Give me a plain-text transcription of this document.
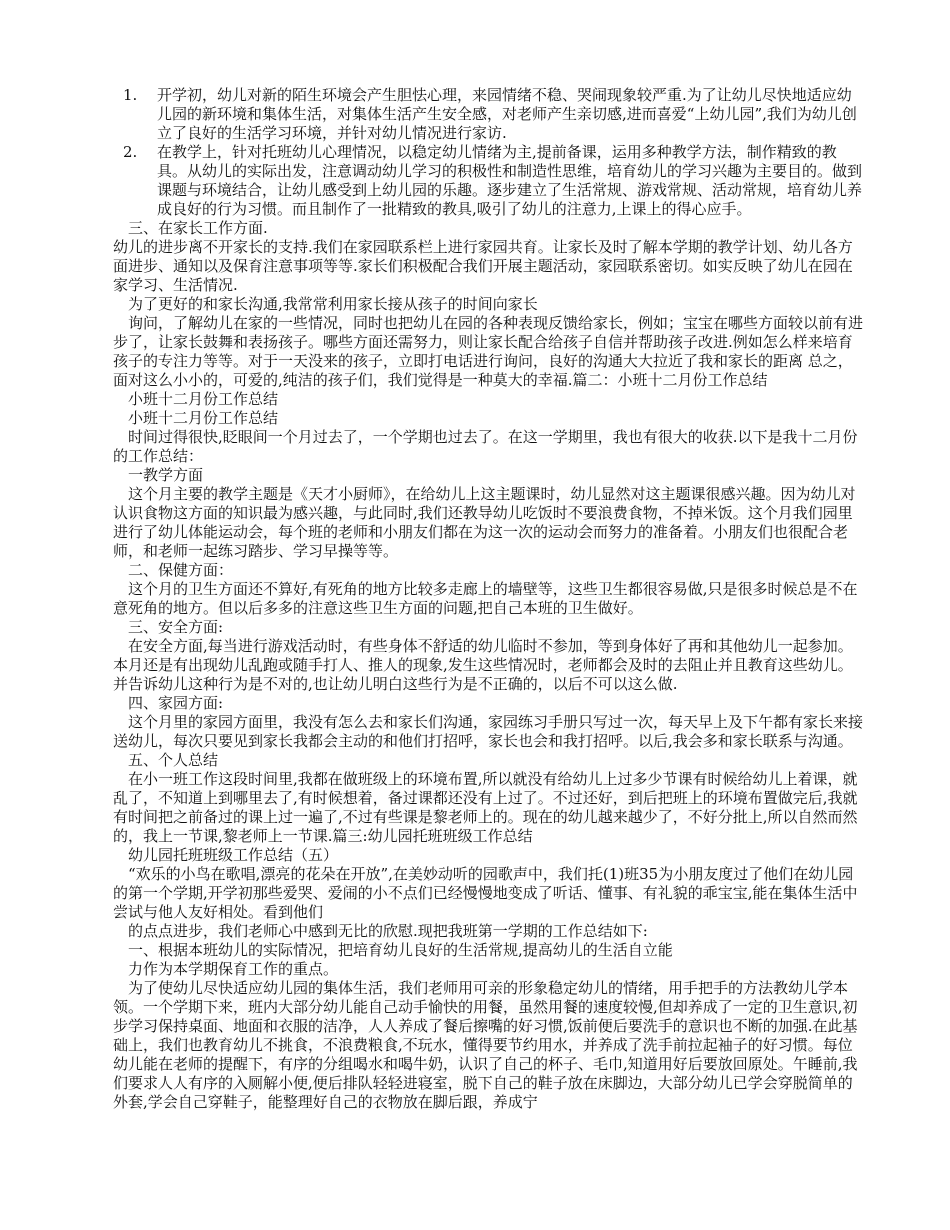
1.	开学初，幼儿对新的陌生环境会产生胆怯心理，来园情绪不稳、哭闹现象较严重.为了让幼儿尽快地适应幼儿园的新环境和集体生活，对集体生活产生安全感，对老师产生亲切感,进而喜爱“上幼儿园”,我们为幼儿创立了良好的生活学习环境，并针对幼儿情况进行家访.
2.	在教学上，针对托班幼儿心理情况，以稳定幼儿情绪为主,提前备课，运用多种教学方法，制作精致的教具。从幼儿的实际出发，注意调动幼儿学习的积极性和制造性思维，培育幼儿的学习兴趣为主要目的。做到课题与环境结合，让幼儿感受到上幼儿园的乐趣。逐步建立了生活常规、游戏常规、活动常规，培育幼儿养成良好的行为习惯。而且制作了一批精致的教具,吸引了幼儿的注意力,上课上的得心应手。

三、在家长工作方面.

幼儿的进步离不开家长的支持.我们在家园联系栏上进行家园共育。让家长及时了解本学期的教学计划、幼儿各方面进步、通知以及保育注意事项等等.家长们积极配合我们开展主题活动，家园联系密切。如实反映了幼儿在园在家学习、生活情况.

为了更好的和家长沟通,我常常利用家长接从孩子的时间向家长

询问，了解幼儿在家的一些情况，同时也把幼儿在园的各种表现反馈给家长，例如；宝宝在哪些方面较以前有进步了，让家长鼓舞和表扬孩子。哪些方面还需努力，则让家长配合给孩子自信并帮助孩子改进.例如怎么样来培育孩子的专注力等等。对于一天没来的孩子，立即打电话进行询问，良好的沟通大大拉近了我和家长的距离 总之，面对这么小小的，可爱的,纯洁的孩子们，我们觉得是一种莫大的幸福.篇二：小班十二月份工作总结

小班十二月份工作总结

小班十二月份工作总结

时间过得很快,眨眼间一个月过去了，一个学期也过去了。在这一学期里，我也有很大的收获.以下是我十二月份的工作总结：

一教学方面

这个月主要的教学主题是《天才小厨师》，在给幼儿上这主题课时，幼儿显然对这主题课很感兴趣。因为幼儿对认识食物这方面的知识最为感兴趣，与此同时,我们还教导幼儿吃饭时不要浪费食物，不掉米饭。这个月我们园里进行了幼儿体能运动会，每个班的老师和小朋友们都在为这一次的运动会而努力的准备着。小朋友们也很配合老师，和老师一起练习踏步、学习早操等等。

二、保健方面：

这个月的卫生方面还不算好,有死角的地方比较多走廊上的墙壁等，这些卫生都很容易做,只是很多时候总是不在意死角的地方。但以后多多的注意这些卫生方面的问题,把自己本班的卫生做好。

三、安全方面:

在安全方面,每当进行游戏活动时，有些身体不舒适的幼儿临时不参加，等到身体好了再和其他幼儿一起参加。本月还是有出现幼儿乱跑或随手打人、推人的现象,发生这些情况时，老师都会及时的去阻止并且教育这些幼儿。并告诉幼儿这种行为是不对的,也让幼儿明白这些行为是不正确的，以后不可以这么做.

四、家园方面:

这个月里的家园方面里，我没有怎么去和家长们沟通，家园练习手册只写过一次，每天早上及下午都有家长来接送幼儿，每次只要见到家长我都会主动的和他们打招呼，家长也会和我打招呼。以后,我会多和家长联系与沟通。

五、个人总结

在小一班工作这段时间里,我都在做班级上的环境布置,所以就没有给幼儿上过多少节课有时候给幼儿上着课，就乱了，不知道上到哪里去了,有时候想着，备过课都还没有上过了。不过还好，到后把班上的环境布置做完后,我就有时间把之前备过的课上过一遍了,不过有些课是黎老师上的。现在的幼儿越来越少了，不好分批上,所以自然而然的，我上一节课,黎老师上一节课.篇三:幼儿园托班班级工作总结

幼儿园托班班级工作总结（五）

“欢乐的小鸟在歌唱,漂亮的花朵在开放”,在美妙动听的园歌声中，我们托(1)班35为小朋友度过了他们在幼儿园的第一个学期,开学初那些爱哭、爱闹的小不点们已经慢慢地变成了听话、懂事、有礼貌的乖宝宝,能在集体生活中尝试与他人友好相处。看到他们

的点点进步，我们老师心中感到无比的欣慰.现把我班第一学期的工作总结如下:

一、根据本班幼儿的实际情况，把培育幼儿良好的生活常规,提高幼儿的生活自立能

力作为本学期保育工作的重点。

为了使幼儿尽快适应幼儿园的集体生活，我们老师用可亲的形象稳定幼儿的情绪，用手把手的方法教幼儿学本领。一个学期下来，班内大部分幼儿能自己动手愉快的用餐，虽然用餐的速度较慢,但却养成了一定的卫生意识,初步学习保持桌面、地面和衣服的洁净，人人养成了餐后擦嘴的好习惯,饭前便后要洗手的意识也不断的加强.在此基础上，我们也教育幼儿不挑食，不浪费粮食,不玩水，懂得要节约用水，并养成了洗手前拉起袖子的好习惯。每位幼儿能在老师的提醒下，有序的分组喝水和喝牛奶，认识了自己的杯子、毛巾,知道用好后要放回原处。午睡前,我们要求人人有序的入厕解小便,便后排队轻轻进寝室，脱下自己的鞋子放在床脚边，大部分幼儿已学会穿脱简单的外套,学会自己穿鞋子，能整理好自己的衣物放在脚后跟，养成宁
